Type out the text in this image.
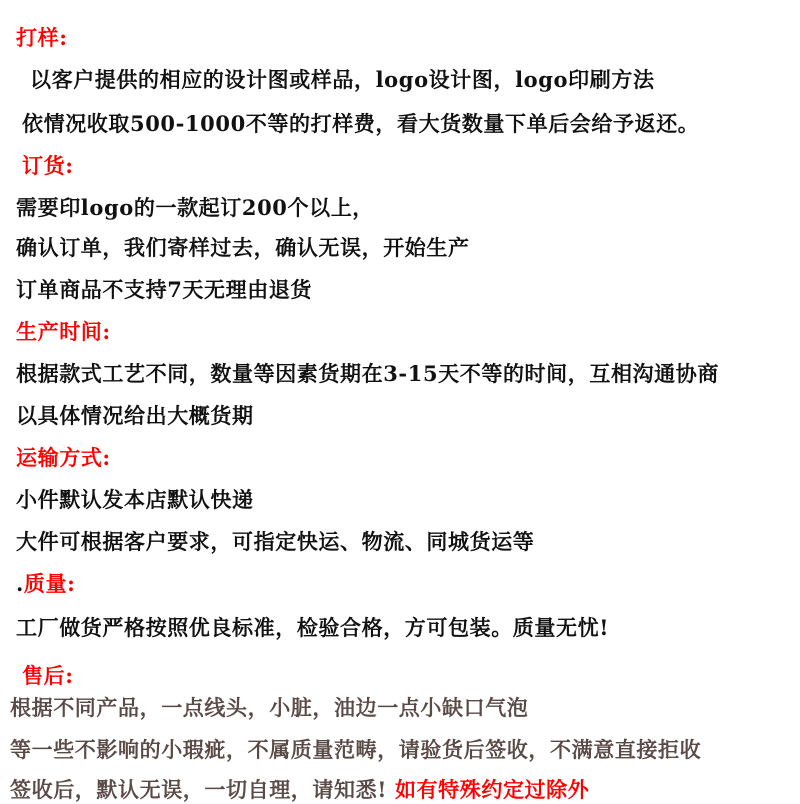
打样:
以客户提供的相应的设计图或样品，logo设计图，logo印刷方法
依情况收取500-1000不等的打样费，看大货数量下单后会给予返还。
订货:
需要印logo的一款起订200个以上，
确认订单，我们寄样过去，确认无误，开始生产
订单商品不支持7天无理由退货
生产时间:
根据款式工艺不同，数量等因素货期在3-15天不等的时间，互相沟通协商
以具体情况给出大概货期
运输方式:
小件默认发本店默认快递
大件可根据客户要求，可指定快运、物流、同城货运等
.质量:
工厂做货严格按照优良标准，检验合格，方可包装。质量无忧!
售后:
根据不同产品，一点线头，小脏，油边一点小缺口气泡
等一些不影响的小瑕疵，不属质量范畴，请验货后签收，不满意直接拒收
签收后，默认无误，一切自理，请知悉! 如有特殊约定过除外
